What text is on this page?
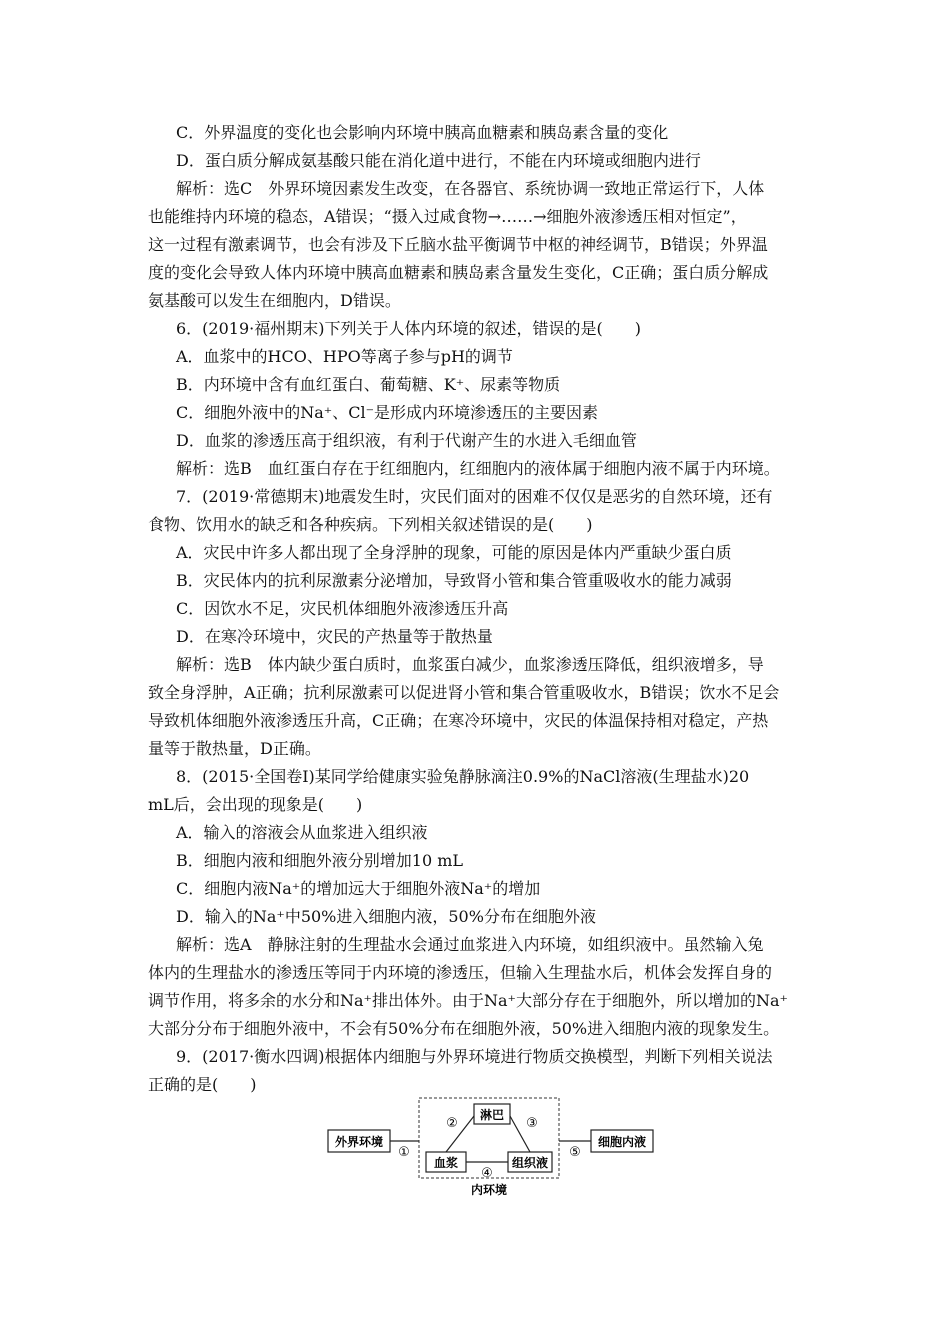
C．外界温度的变化也会影响内环境中胰高血糖素和胰岛素含量的变化
D．蛋白质分解成氨基酸只能在消化道中进行，不能在内环境或细胞内进行
解析：选C　外界环境因素发生改变，在各器官、系统协调一致地正常运行下，人体
也能维持内环境的稳态，A错误；“摄入过咸食物→……→细胞外液渗透压相对恒定”，
这一过程有激素调节，也会有涉及下丘脑水盐平衡调节中枢的神经调节，B错误；外界温
度的变化会导致人体内环境中胰高血糖素和胰岛素含量发生变化，C正确；蛋白质分解成
氨基酸可以发生在细胞内，D错误。
6．(2019·福州期末)下列关于人体内环境的叙述，错误的是(　　)
A．血浆中的HCO、HPO等离子参与pH的调节
B．内环境中含有血红蛋白、葡萄糖、K⁺、尿素等物质
C．细胞外液中的Na⁺、Cl⁻是形成内环境渗透压的主要因素
D．血浆的渗透压高于组织液，有利于代谢产生的水进入毛细血管
解析：选B　血红蛋白存在于红细胞内，红细胞内的液体属于细胞内液不属于内环境。
7．(2019·常德期末)地震发生时，灾民们面对的困难不仅仅是恶劣的自然环境，还有
食物、饮用水的缺乏和各种疾病。下列相关叙述错误的是(　　)
A．灾民中许多人都出现了全身浮肿的现象，可能的原因是体内严重缺少蛋白质
B．灾民体内的抗利尿激素分泌增加，导致肾小管和集合管重吸收水的能力减弱
C．因饮水不足，灾民机体细胞外液渗透压升高
D．在寒冷环境中，灾民的产热量等于散热量
解析：选B　体内缺少蛋白质时，血浆蛋白减少，血浆渗透压降低，组织液增多，导
致全身浮肿，A正确；抗利尿激素可以促进肾小管和集合管重吸收水，B错误；饮水不足会
导致机体细胞外液渗透压升高，C正确；在寒冷环境中，灾民的体温保持相对稳定，产热
量等于散热量，D正确。
8．(2015·全国卷Ⅰ)某同学给健康实验兔静脉滴注0.9%的NaCl溶液(生理盐水)20
mL后，会出现的现象是(　　)
A．输入的溶液会从血浆进入组织液
B．细胞内液和细胞外液分别增加10 mL
C．细胞内液Na⁺的增加远大于细胞外液Na⁺的增加
D．输入的Na⁺中50%进入细胞内液，50%分布在细胞外液
解析：选A　静脉注射的生理盐水会通过血浆进入内环境，如组织液中。虽然输入兔
体内的生理盐水的渗透压等同于内环境的渗透压，但输入生理盐水后，机体会发挥自身的
调节作用，将多余的水分和Na⁺排出体外。由于Na⁺大部分存在于细胞外，所以增加的Na⁺
大部分分布于细胞外液中，不会有50%分布在细胞外液，50%进入细胞内液的现象发生。
9．(2017·衡水四调)根据体内细胞与外界环境进行物质交换模型，判断下列相关说法
正确的是(　　)
外界环境	细胞内液
淋巴
血浆	组织液
①
②	③
④
⑤
内环境
